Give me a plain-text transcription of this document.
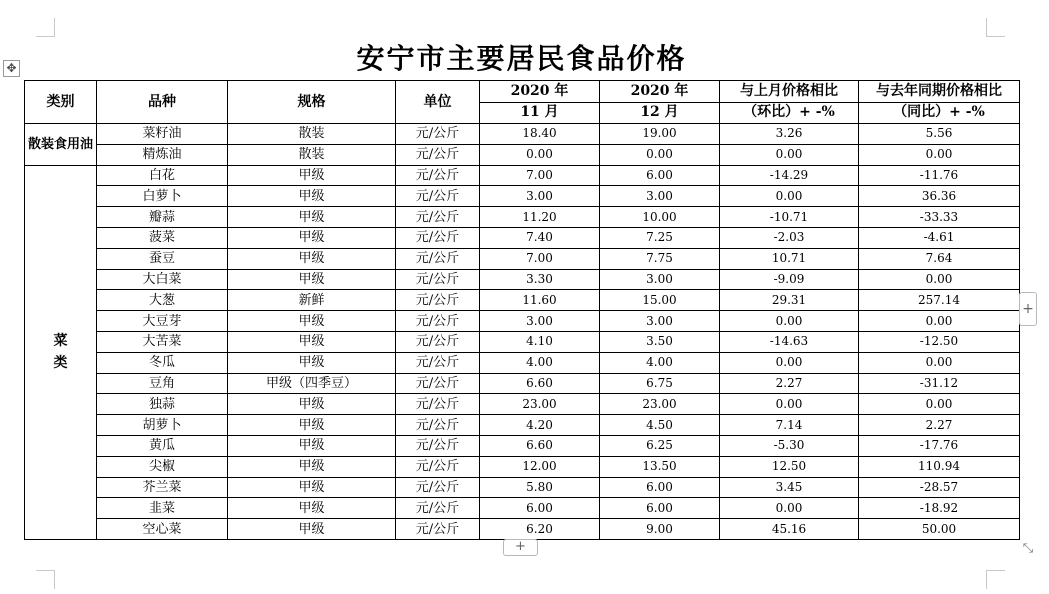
✥	安宁市主要居民食品价格
类别	品种	规格	单位	2020 年	2020 年	与上月价格相比	与去年同期价格相比
				11 月	12 月	（环比）+ -%	（同比）+ -%
散装食用油	菜籽油	散装	元/公斤	18.40	19.00	3.26	5.56
	精炼油	散装	元/公斤	0.00	0.00	0.00	0.00
菜类	白花	甲级	元/公斤	7.00	6.00	-14.29	-11.76
	白萝卜	甲级	元/公斤	3.00	3.00	0.00	36.36
	瓣蒜	甲级	元/公斤	11.20	10.00	-10.71	-33.33
	菠菜	甲级	元/公斤	7.40	7.25	-2.03	-4.61
	蚕豆	甲级	元/公斤	7.00	7.75	10.71	7.64
	大白菜	甲级	元/公斤	3.30	3.00	-9.09	0.00
	大葱	新鲜	元/公斤	11.60	15.00	29.31	257.14
	大豆芽	甲级	元/公斤	3.00	3.00	0.00	0.00
	大苦菜	甲级	元/公斤	4.10	3.50	-14.63	-12.50
	冬瓜	甲级	元/公斤	4.00	4.00	0.00	0.00
	豆角	甲级（四季豆）	元/公斤	6.60	6.75	2.27	-31.12
	独蒜	甲级	元/公斤	23.00	23.00	0.00	0.00
	胡萝卜	甲级	元/公斤	4.20	4.50	7.14	2.27
	黄瓜	甲级	元/公斤	6.60	6.25	-5.30	-17.76
	尖椒	甲级	元/公斤	12.00	13.50	12.50	110.94
	芥兰菜	甲级	元/公斤	5.80	6.00	3.45	-28.57
	韭菜	甲级	元/公斤	6.00	6.00	0.00	-18.92
	空心菜	甲级	元/公斤	6.20	9.00	45.16	50.00
+
+	⤡
